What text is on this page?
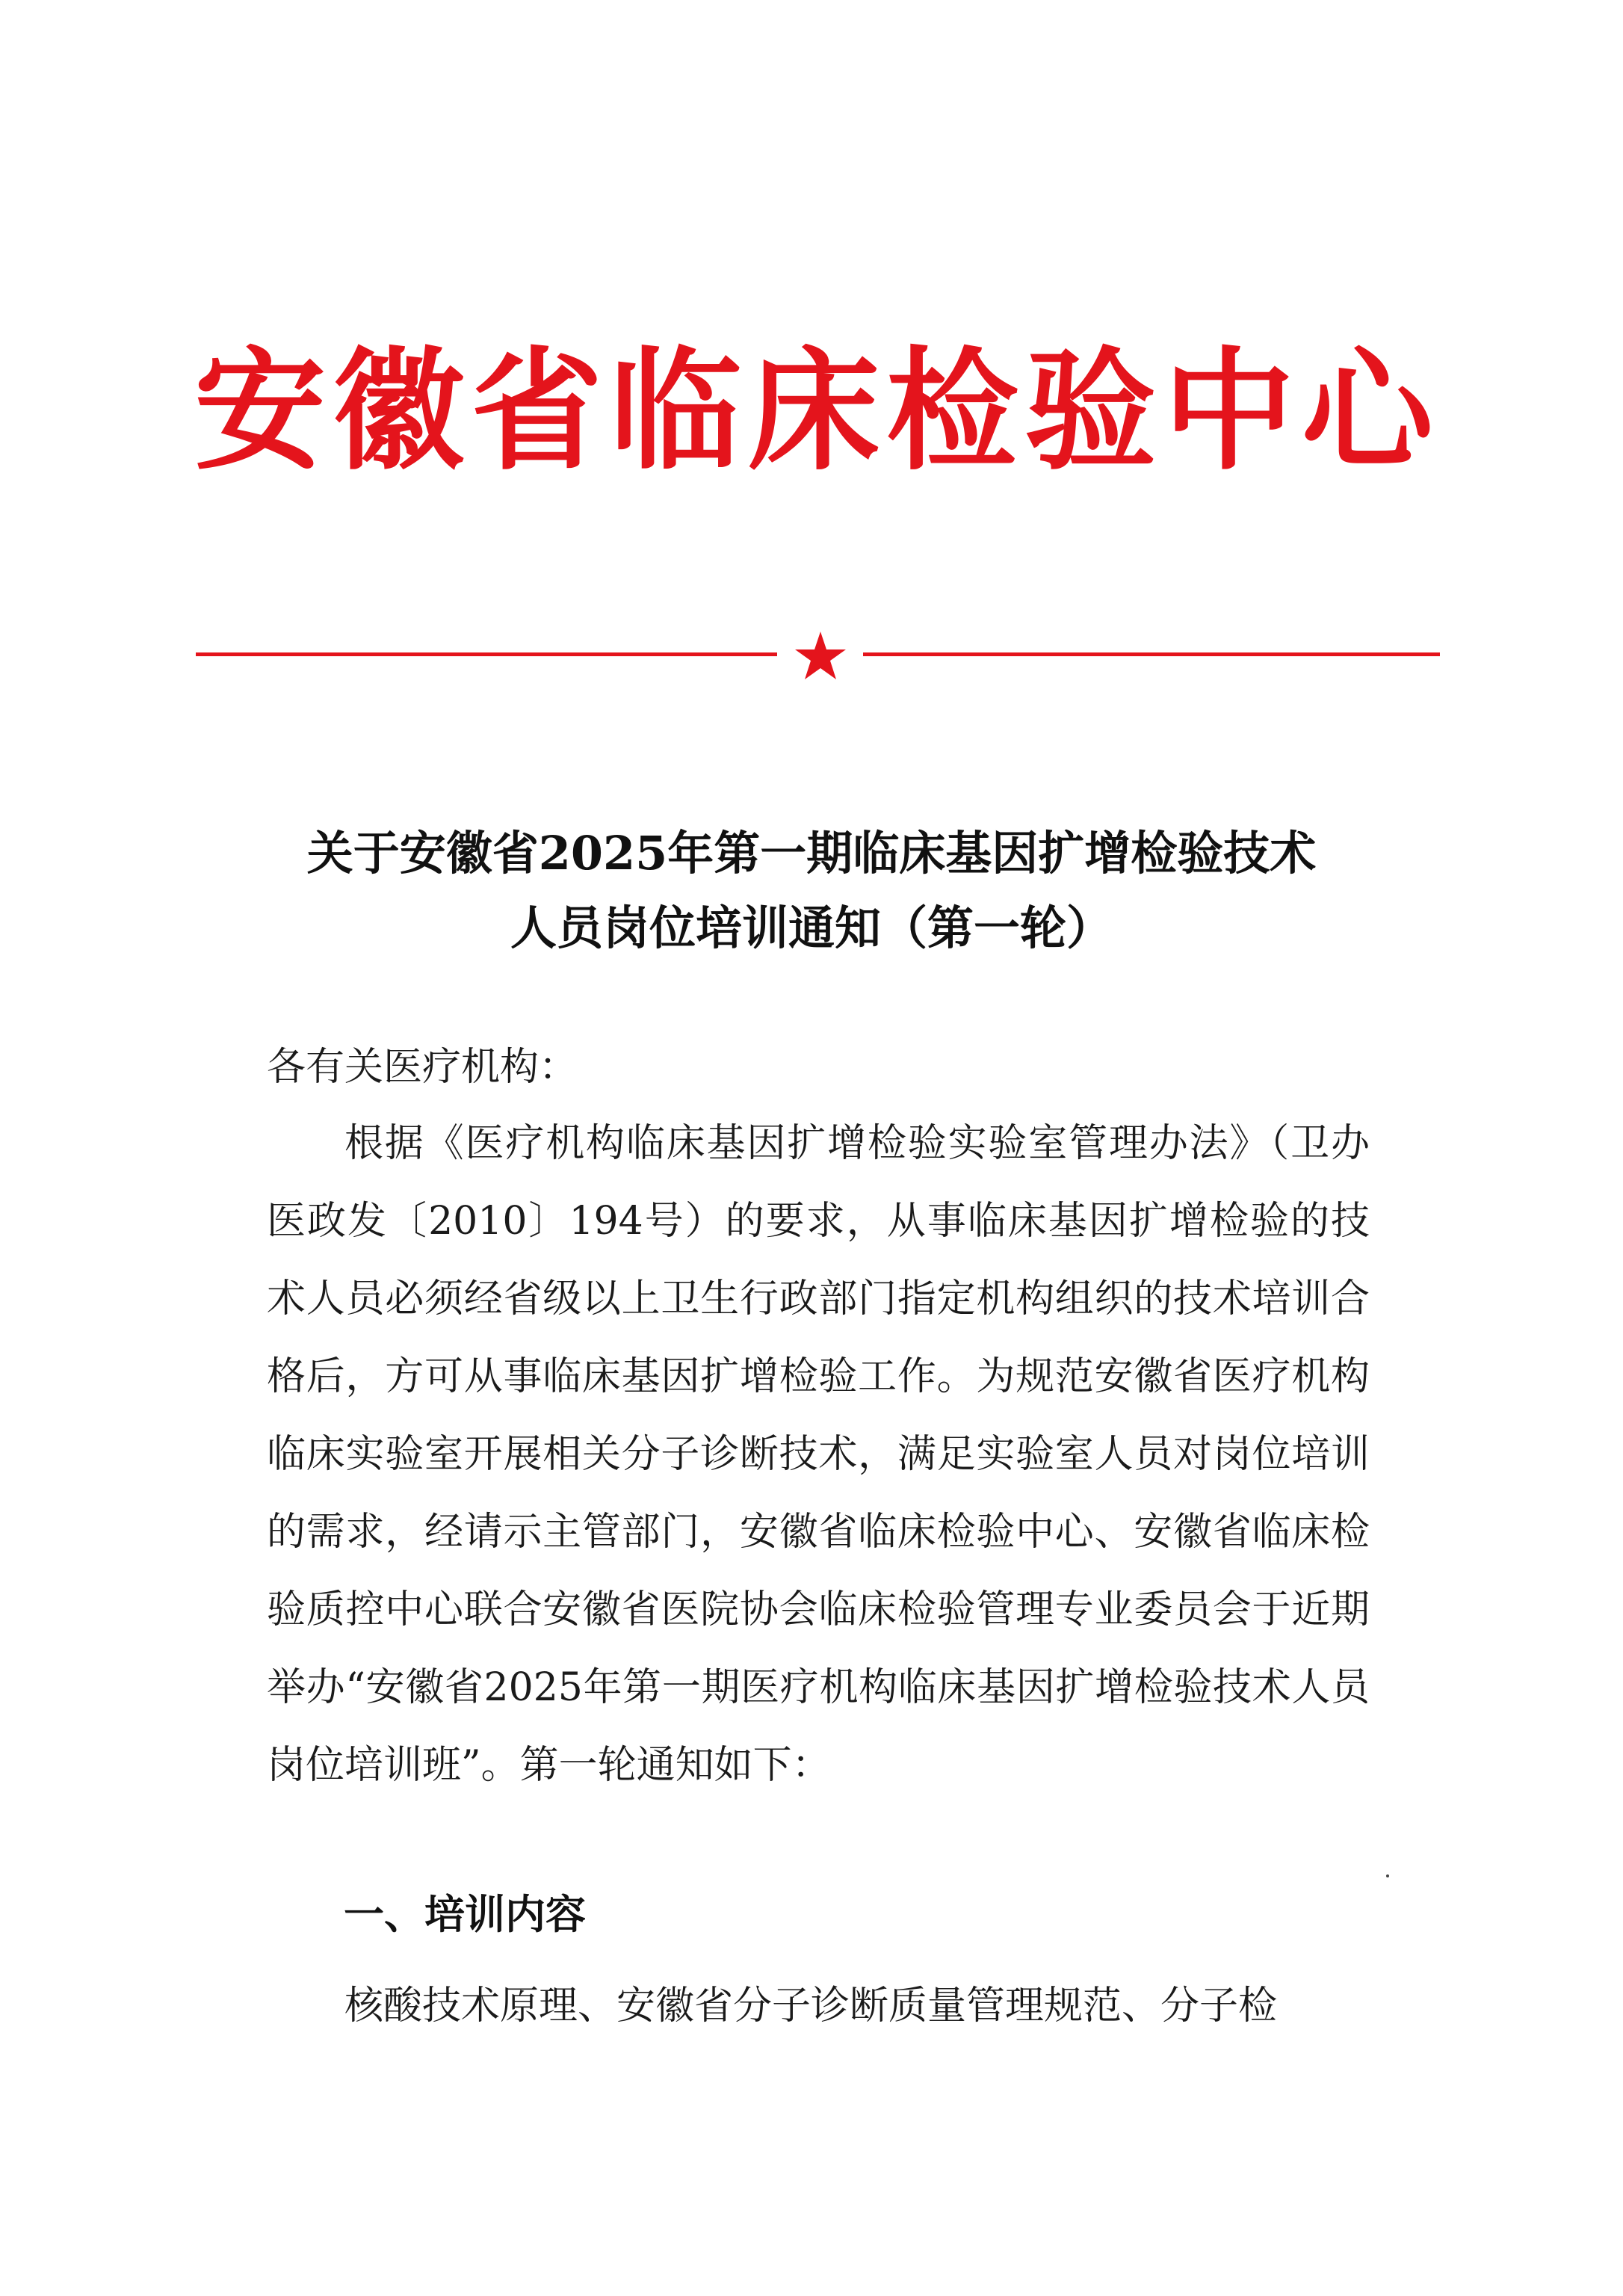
安徽省临床检验中心
关于安徽省2025年第一期临床基因扩增检验技术
人员岗位培训通知（第一轮）

各有关医疗机构：

根据《医疗机构临床基因扩增检验实验室管理办法》（卫办医政发〔2010〕194号）的要求，从事临床基因扩增检验的技术人员必须经省级以上卫生行政部门指定机构组织的技术培训合格后，方可从事临床基因扩增检验工作。为规范安徽省医疗机构临床实验室开展相关分子诊断技术，满足实验室人员对岗位培训的需求，经请示主管部门，安徽省临床检验中心、安徽省临床检验质控中心联合安徽省医院协会临床检验管理专业委员会于近期举办“安徽省2025年第一期医疗机构临床基因扩增检验技术人员岗位培训班”。第一轮通知如下：

一、培训内容

核酸技术原理、安徽省分子诊断质量管理规范、分子检
